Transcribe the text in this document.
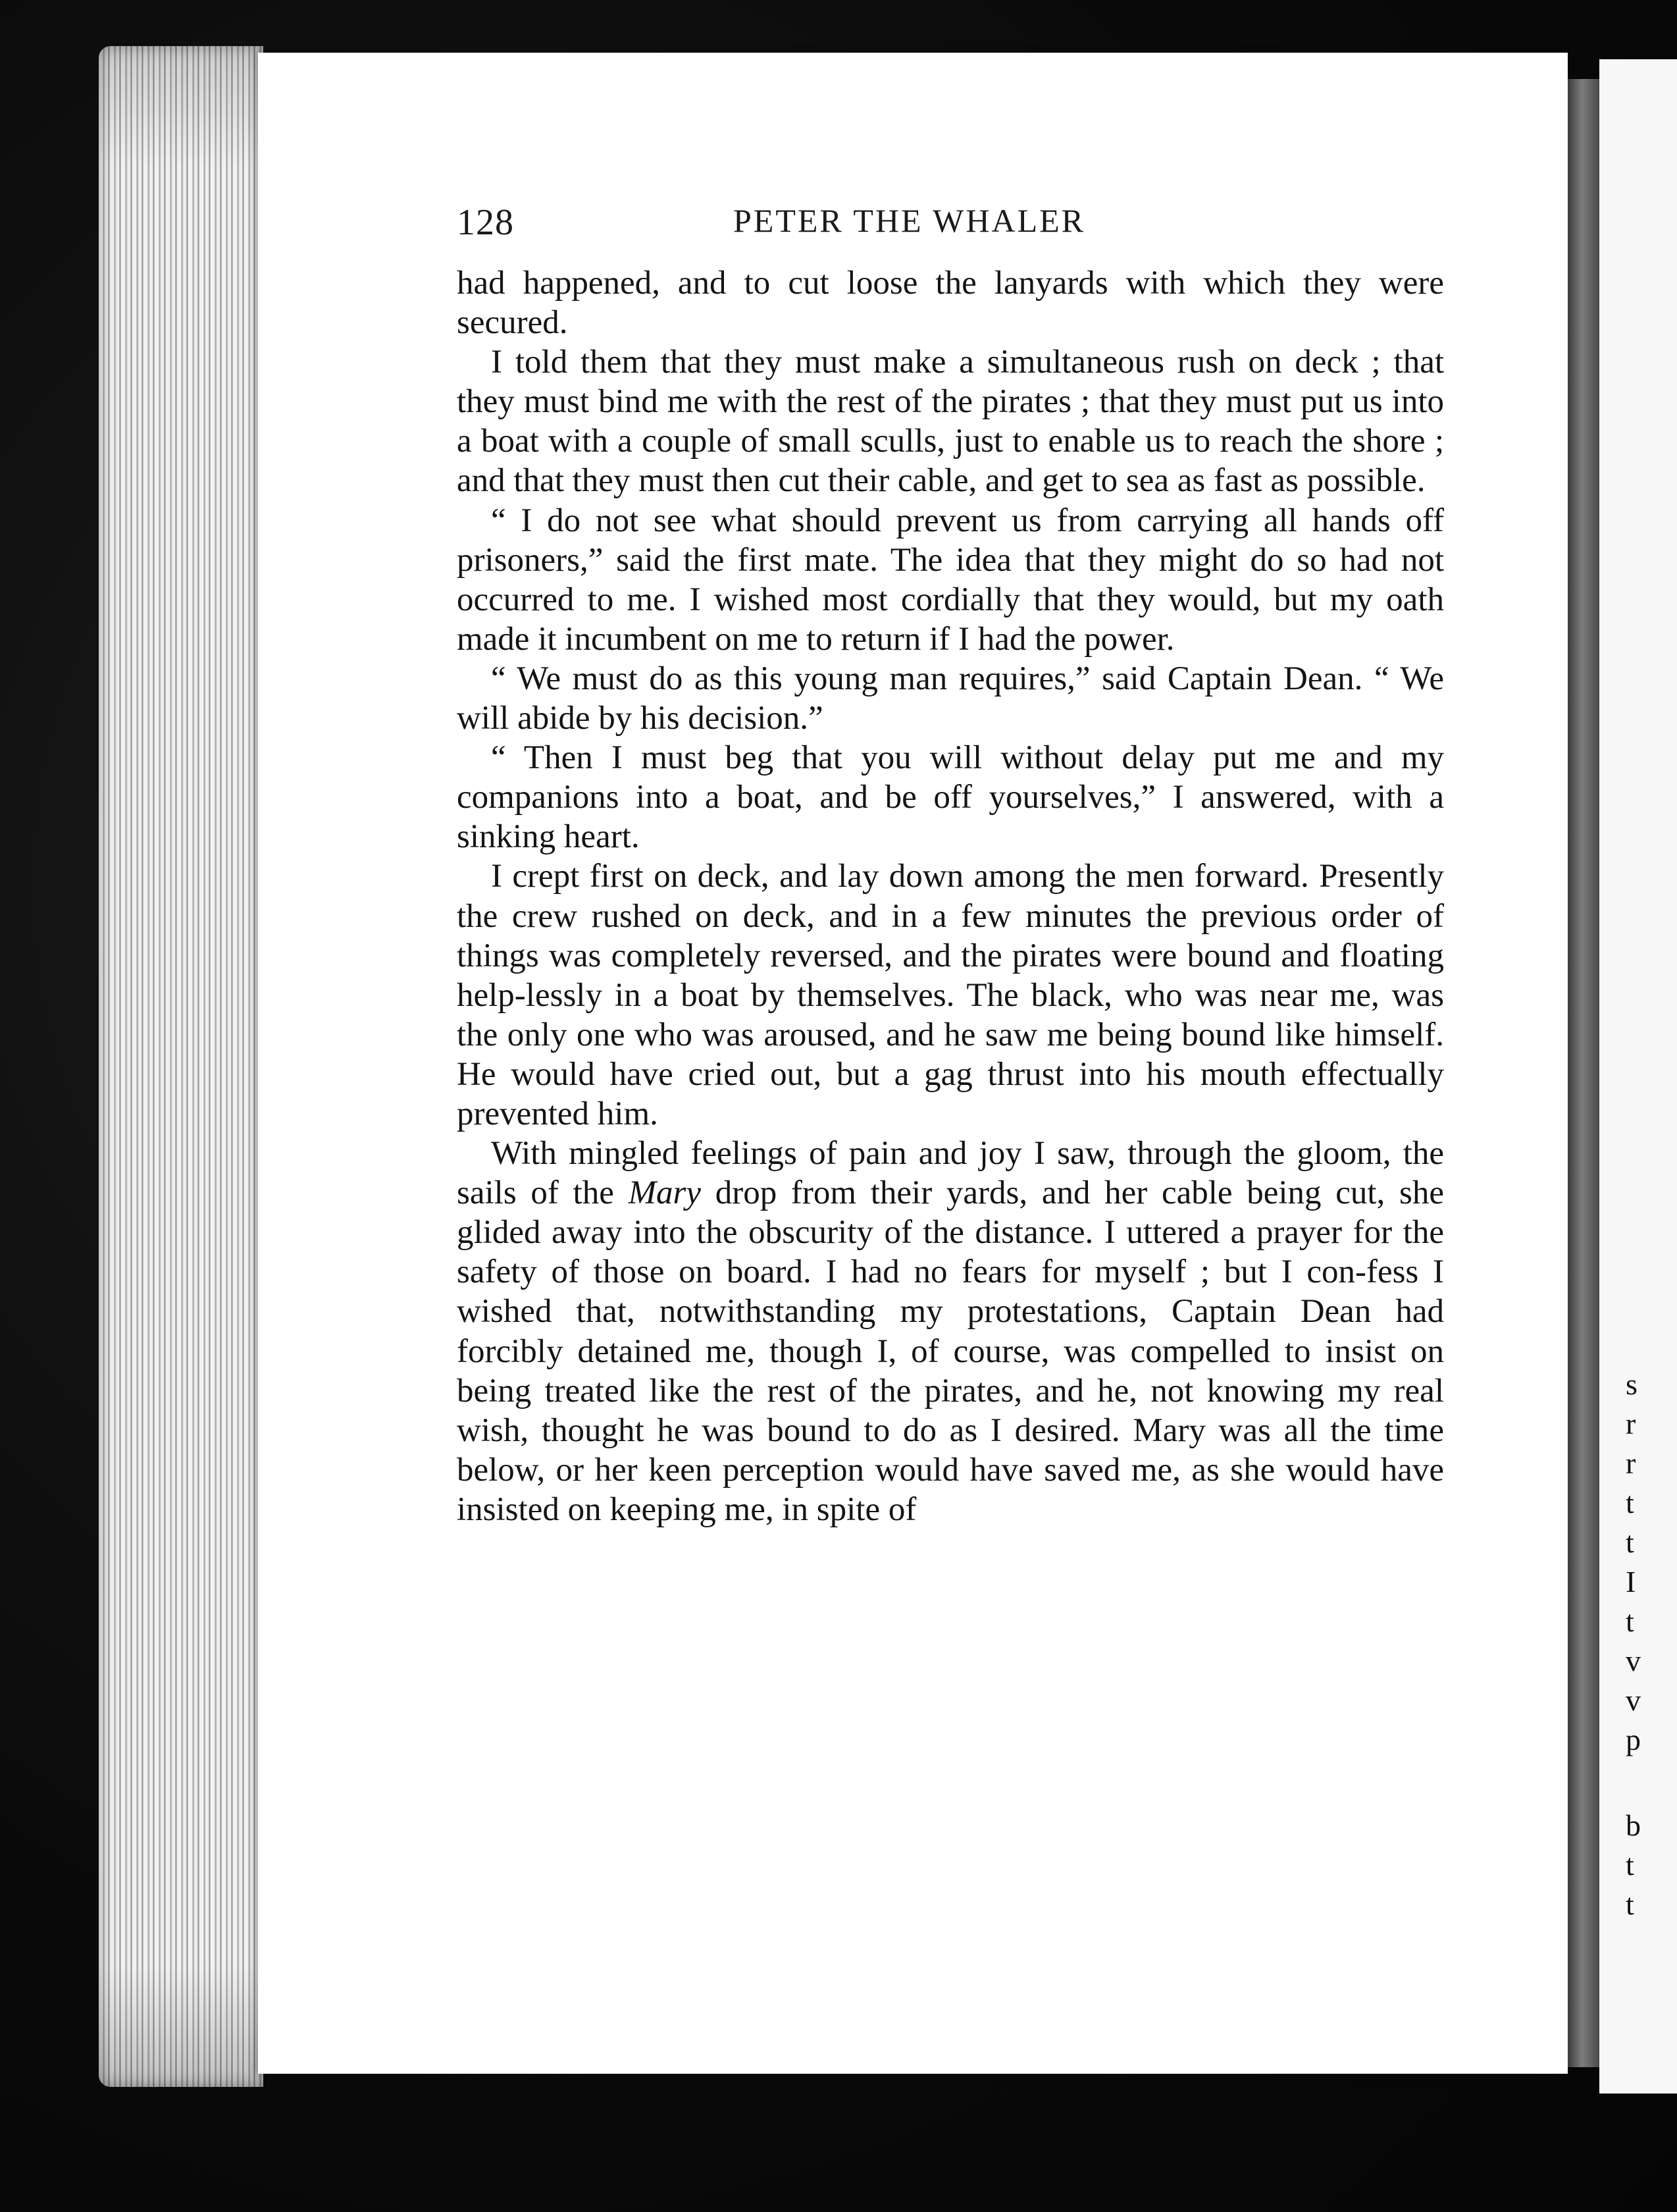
s
r
r
t
t
I
t
v
v
p
b
t
t
128	PETER THE WHALER

had happened, and to cut loose the lanyards with which they were secured.

I told them that they must make a simultaneous rush on deck ; that they must bind me with the rest of the pirates ; that they must put us into a boat with a couple of small sculls, just to enable us to reach the shore ; and that they must then cut their cable, and get to sea as fast as possible.

“ I do not see what should prevent us from carrying all hands off prisoners,” said the first mate. The idea that they might do so had not occurred to me. I wished most cordially that they would, but my oath made it incumbent on me to return if I had the power.

“ We must do as this young man requires,” said Captain Dean. “ We will abide by his decision.”

“ Then I must beg that you will without delay put me and my companions into a boat, and be off yourselves,” I answered, with a sinking heart.

I crept first on deck, and lay down among the men forward. Presently the crew rushed on deck, and in a few minutes the previous order of things was completely reversed, and the pirates were bound and floating help-lessly in a boat by themselves. The black, who was near me, was the only one who was aroused, and he saw me being bound like himself. He would have cried out, but a gag thrust into his mouth effectually prevented him.

With mingled feelings of pain and joy I saw, through the gloom, the sails of the Mary drop from their yards, and her cable being cut, she glided away into the obscurity of the distance. I uttered a prayer for the safety of those on board. I had no fears for myself ; but I con-fess I wished that, notwithstanding my protestations, Captain Dean had forcibly detained me, though I, of course, was compelled to insist on being treated like the rest of the pirates, and he, not knowing my real wish, thought he was bound to do as I desired. Mary was all the time below, or her keen perception would have saved me, as she would have insisted on keeping me, in spite of
